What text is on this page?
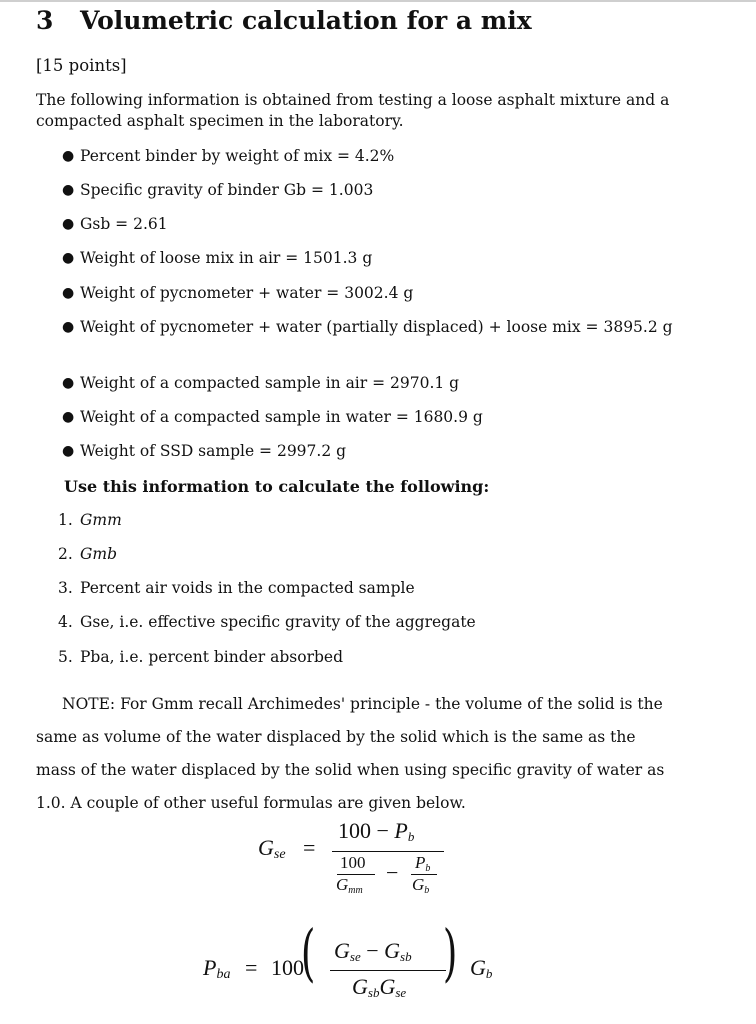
3 Volumetric calculation for a mix
[15 points]
The following information is obtained from testing a loose asphalt mixture and a compacted asphalt specimen in the laboratory.
● Percent binder by weight of mix = 4.2%
● Specific gravity of binder Gb = 1.003
● Gsb = 2.61
● Weight of loose mix in air = 1501.3 g
● Weight of pycnometer + water = 3002.4 g
● Weight of pycnometer + water (partially displaced) + loose mix = 3895.2 g
● Weight of a compacted sample in air = 2970.1 g
● Weight of a compacted sample in water = 1680.9 g
● Weight of SSD sample = 2997.2 g
Use this information to calculate the following:
1. Gmm
2. Gmb
3. Percent air voids in the compacted sample
4. Gse, i.e. effective specific gravity of the aggregate
5. Pba, i.e. percent binder absorbed
NOTE: For Gmm recall Archimedes' principle - the volume of the solid is the same as volume of the water displaced by the solid which is the same as the mass of the water displaced by the solid when using specific gravity of water as 1.0. A couple of other useful formulas are given below.
$G_{se}$ =
$100 - P_b$
100
$G_{mm}$
− $P_b$
$G_b$
$P_{ba} = 100$
( $G_{se} - G_{sb}$
$G_{sb}G_{se}$
) $G_b$
